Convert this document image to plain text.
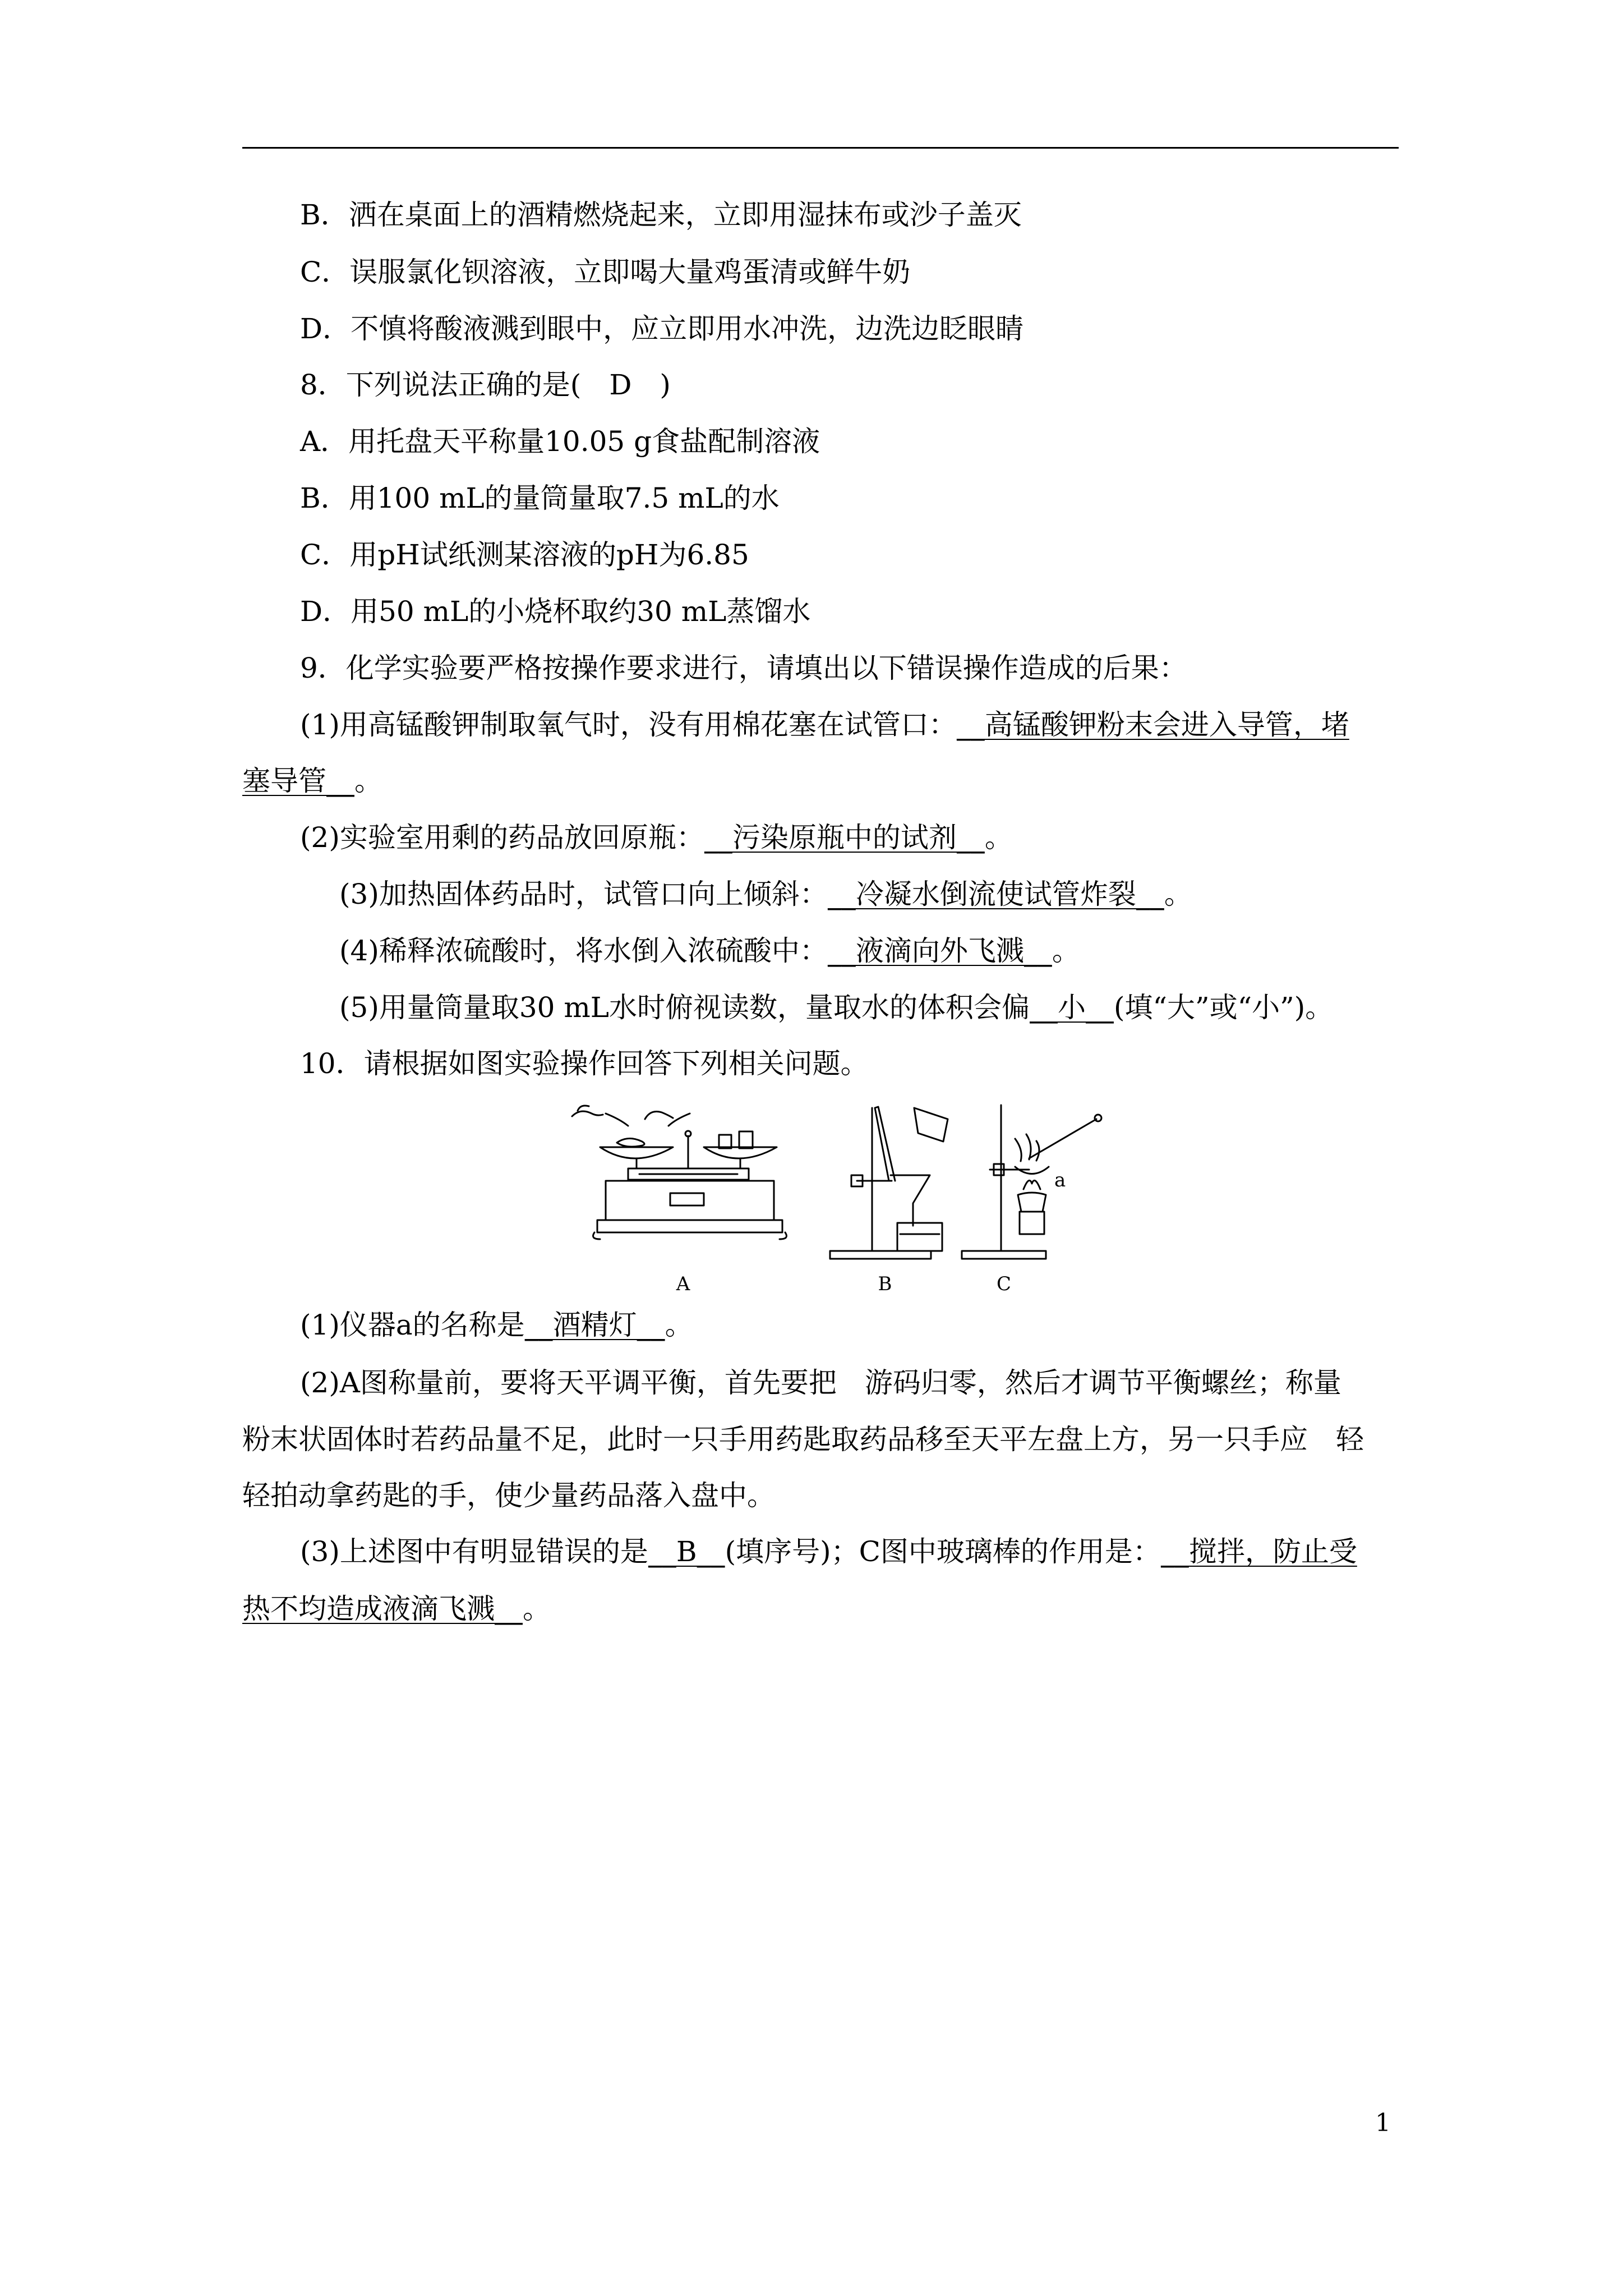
B．洒在桌面上的酒精燃烧起来，立即用湿抹布或沙子盖灭
C．误服氯化钡溶液，立即喝大量鸡蛋清或鲜牛奶
D．不慎将酸液溅到眼中，应立即用水冲洗，边洗边眨眼睛
8．下列说法正确的是(　D　)
A．用托盘天平称量10.05 g食盐配制溶液
B．用100 mL的量筒量取7.5 mL的水
C．用pH试纸测某溶液的pH为6.85
D．用50 mL的小烧杯取约30 mL蒸馏水
9．化学实验要严格按操作要求进行，请填出以下错误操作造成的后果：
(1)用高锰酸钾制取氧气时，没有用棉花塞在试管口：__高锰酸钾粉末会进入导管，堵
塞导管__。
(2)实验室用剩的药品放回原瓶：__污染原瓶中的试剂__。
(3)加热固体药品时，试管口向上倾斜：__冷凝水倒流使试管炸裂__。
(4)稀释浓硫酸时，将水倒入浓硫酸中：__液滴向外飞溅__。
(5)用量筒量取30 mL水时俯视读数，量取水的体积会偏__小__(填“大”或“小”)。
10．请根据如图实验操作回答下列相关问题。
A	B	C
a
(1)仪器a的名称是__酒精灯__。
(2)A图称量前，要将天平调平衡，首先要把　游码归零，然后才调节平衡螺丝；称量
粉末状固体时若药品量不足，此时一只手用药匙取药品移至天平左盘上方，另一只手应　轻
轻拍动拿药匙的手，使少量药品落入盘中。
(3)上述图中有明显错误的是__B__(填序号)；C图中玻璃棒的作用是：__搅拌，防止受
热不均造成液滴飞溅__。
1
